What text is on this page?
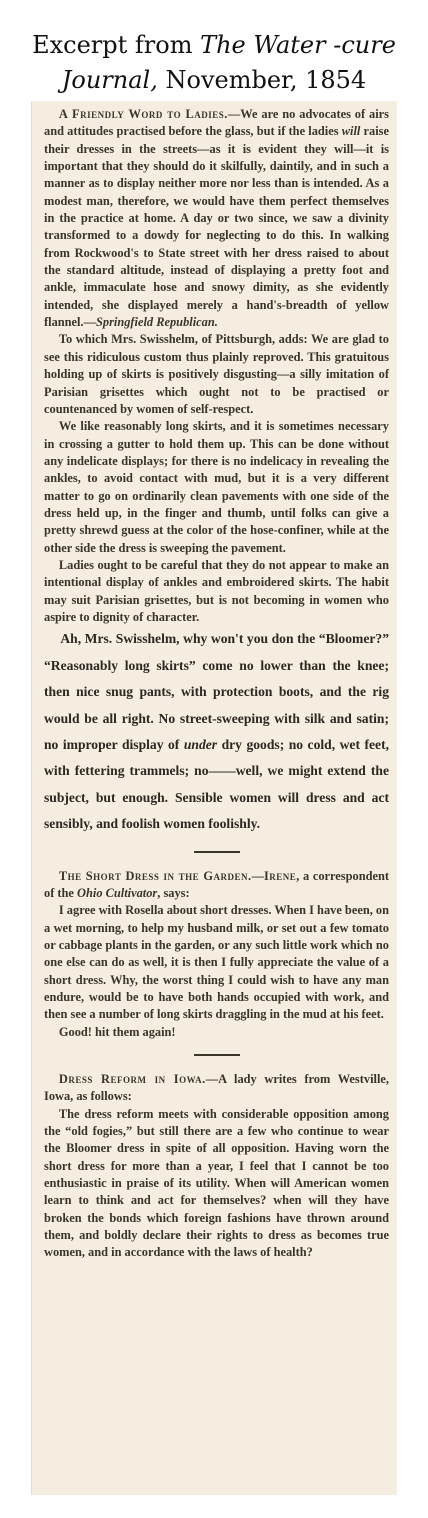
Excerpt from The Water -cure
Journal, November, 1854

A Friendly Word to Ladies.—We are no advocates of airs and attitudes practised before the glass, but if the ladies will raise their dresses in the streets—as it is evident they will—it is important that they should do it skilfully, daintily, and in such a manner as to display neither more nor less than is intended. As a modest man, therefore, we would have them perfect themselves in the practice at home. A day or two since, we saw a divinity transformed to a dowdy for neglecting to do this. In walking from Rockwood's to State street with her dress raised to about the standard altitude, instead of displaying a pretty foot and ankle, immaculate hose and snowy dimity, as she evidently intended, she displayed merely a hand's-breadth of yellow flannel.—Springfield Republican.

To which Mrs. Swisshelm, of Pittsburgh, adds: We are glad to see this ridiculous custom thus plainly reproved. This gratuitous holding up of skirts is positively disgusting—a silly imitation of Parisian grisettes which ought not to be practised or countenanced by women of self-respect.

We like reasonably long skirts, and it is sometimes necessary in crossing a gutter to hold them up. This can be done without any indelicate displays; for there is no indelicacy in revealing the ankles, to avoid contact with mud, but it is a very different matter to go on ordinarily clean pavements with one side of the dress held up, in the finger and thumb, until folks can give a pretty shrewd guess at the color of the hose-confiner, while at the other side the dress is sweeping the pavement.

Ladies ought to be careful that they do not appear to make an intentional display of ankles and embroidered skirts. The habit may suit Parisian grisettes, but is not becoming in women who aspire to dignity of character.

Ah, Mrs. Swisshelm, why won't you don the “Bloomer?” “Reasonably long skirts” come no lower than the knee; then nice snug pants, with protection boots, and the rig would be all right. No street-sweeping with silk and satin; no improper display of under dry goods; no cold, wet feet, with fettering trammels; no——well, we might extend the subject, but enough. Sensible women will dress and act sensibly, and foolish women foolishly.

The Short Dress in the Garden.—Irene, a correspondent of the Ohio Cultivator, says:

I agree with Rosella about short dresses. When I have been, on a wet morning, to help my husband milk, or set out a few tomato or cabbage plants in the garden, or any such little work which no one else can do as well, it is then I fully appreciate the value of a short dress. Why, the worst thing I could wish to have any man endure, would be to have both hands occupied with work, and then see a number of long skirts draggling in the mud at his feet.

Good! hit them again!

Dress Reform in Iowa.—A lady writes from Westville, Iowa, as follows:

The dress reform meets with considerable opposition among the “old fogies,” but still there are a few who continue to wear the Bloomer dress in spite of all opposition. Having worn the short dress for more than a year, I feel that I cannot be too enthusiastic in praise of its utility. When will American women learn to think and act for themselves? when will they have broken the bonds which foreign fashions have thrown around them, and boldly declare their rights to dress as becomes true women, and in accordance with the laws of health?
